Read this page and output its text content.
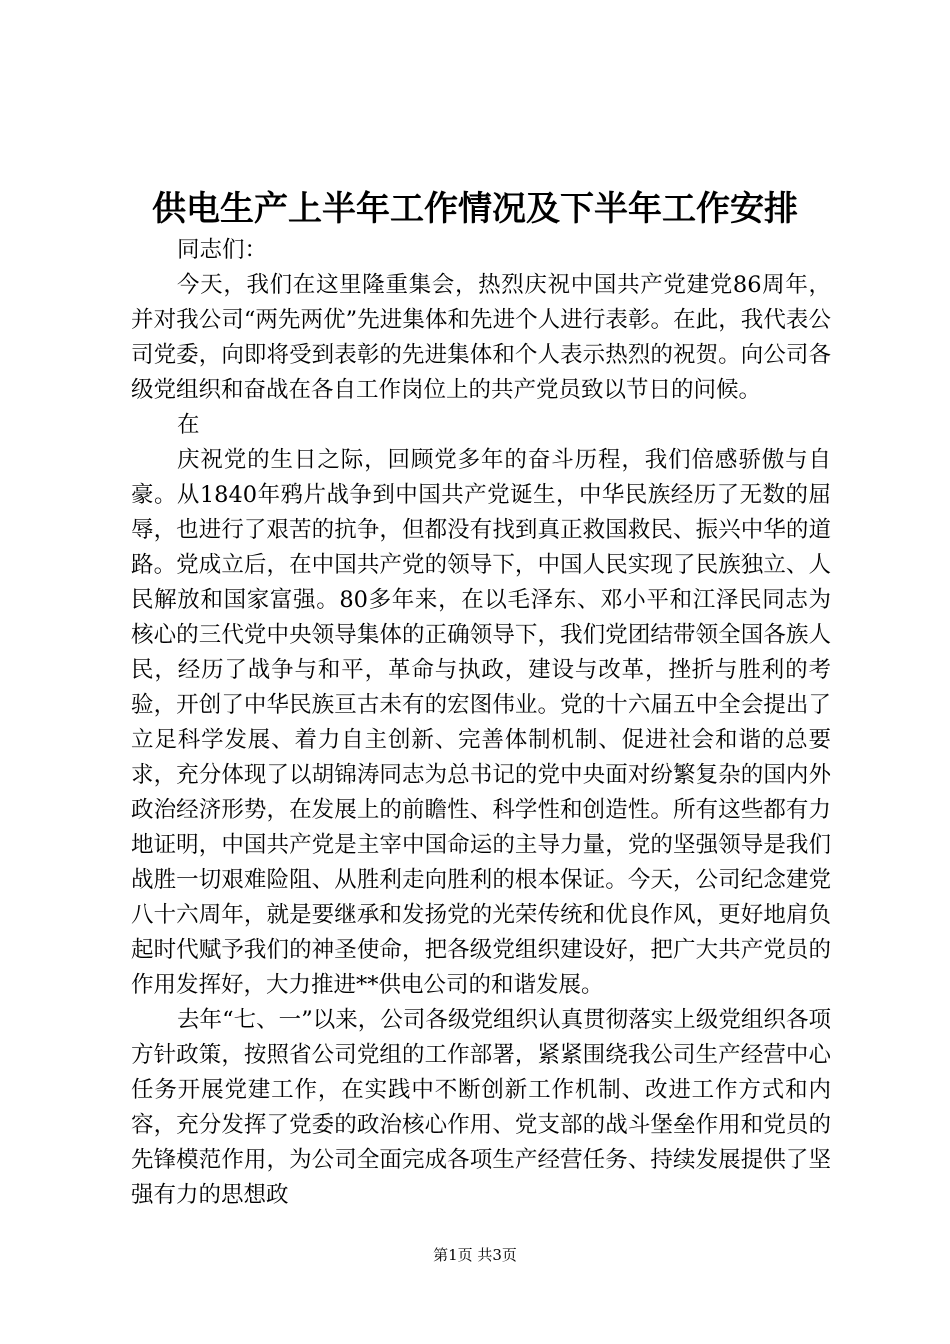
供电生产上半年工作情况及下半年工作安排

同志们：

今天，我们在这里隆重集会，热烈庆祝中国共产党建党86周年，并对我公司“两先两优”先进集体和先进个人进行表彰。在此，我代表公司党委，向即将受到表彰的先进集体和个人表示热烈的祝贺。向公司各级党组织和奋战在各自工作岗位上的共产党员致以节日的问候。

在

庆祝党的生日之际，回顾党多年的奋斗历程，我们倍感骄傲与自豪。从1840年鸦片战争到中国共产党诞生，中华民族经历了无数的屈辱，也进行了艰苦的抗争，但都没有找到真正救国救民、振兴中华的道路。党成立后，在中国共产党的领导下，中国人民实现了民族独立、人民解放和国家富强。80多年来，在以毛泽东、邓小平和江泽民同志为核心的三代党中央领导集体的正确领导下，我们党团结带领全国各族人民，经历了战争与和平，革命与执政，建设与改革，挫折与胜利的考验，开创了中华民族亘古未有的宏图伟业。党的十六届五中全会提出了立足科学发展、着力自主创新、完善体制机制、促进社会和谐的总要求，充分体现了以胡锦涛同志为总书记的党中央面对纷繁复杂的国内外政治经济形势，在发展上的前瞻性、科学性和创造性。所有这些都有力地证明，中国共产党是主宰中国命运的主导力量，党的坚强领导是我们战胜一切艰难险阻、从胜利走向胜利的根本保证。今天，公司纪念建党八十六周年，就是要继承和发扬党的光荣传统和优良作风，更好地肩负起时代赋予我们的神圣使命，把各级党组织建设好，把广大共产党员的作用发挥好，大力推进**供电公司的和谐发展。

去年“七、一”以来，公司各级党组织认真贯彻落实上级党组织各项方针政策，按照省公司党组的工作部署，紧紧围绕我公司生产经营中心任务开展党建工作，在实践中不断创新工作机制、改进工作方式和内容，充分发挥了党委的政治核心作用、党支部的战斗堡垒作用和党员的先锋模范作用，为公司全面完成各项生产经营任务、持续发展提供了坚强有力的思想政

第1页 共3页
